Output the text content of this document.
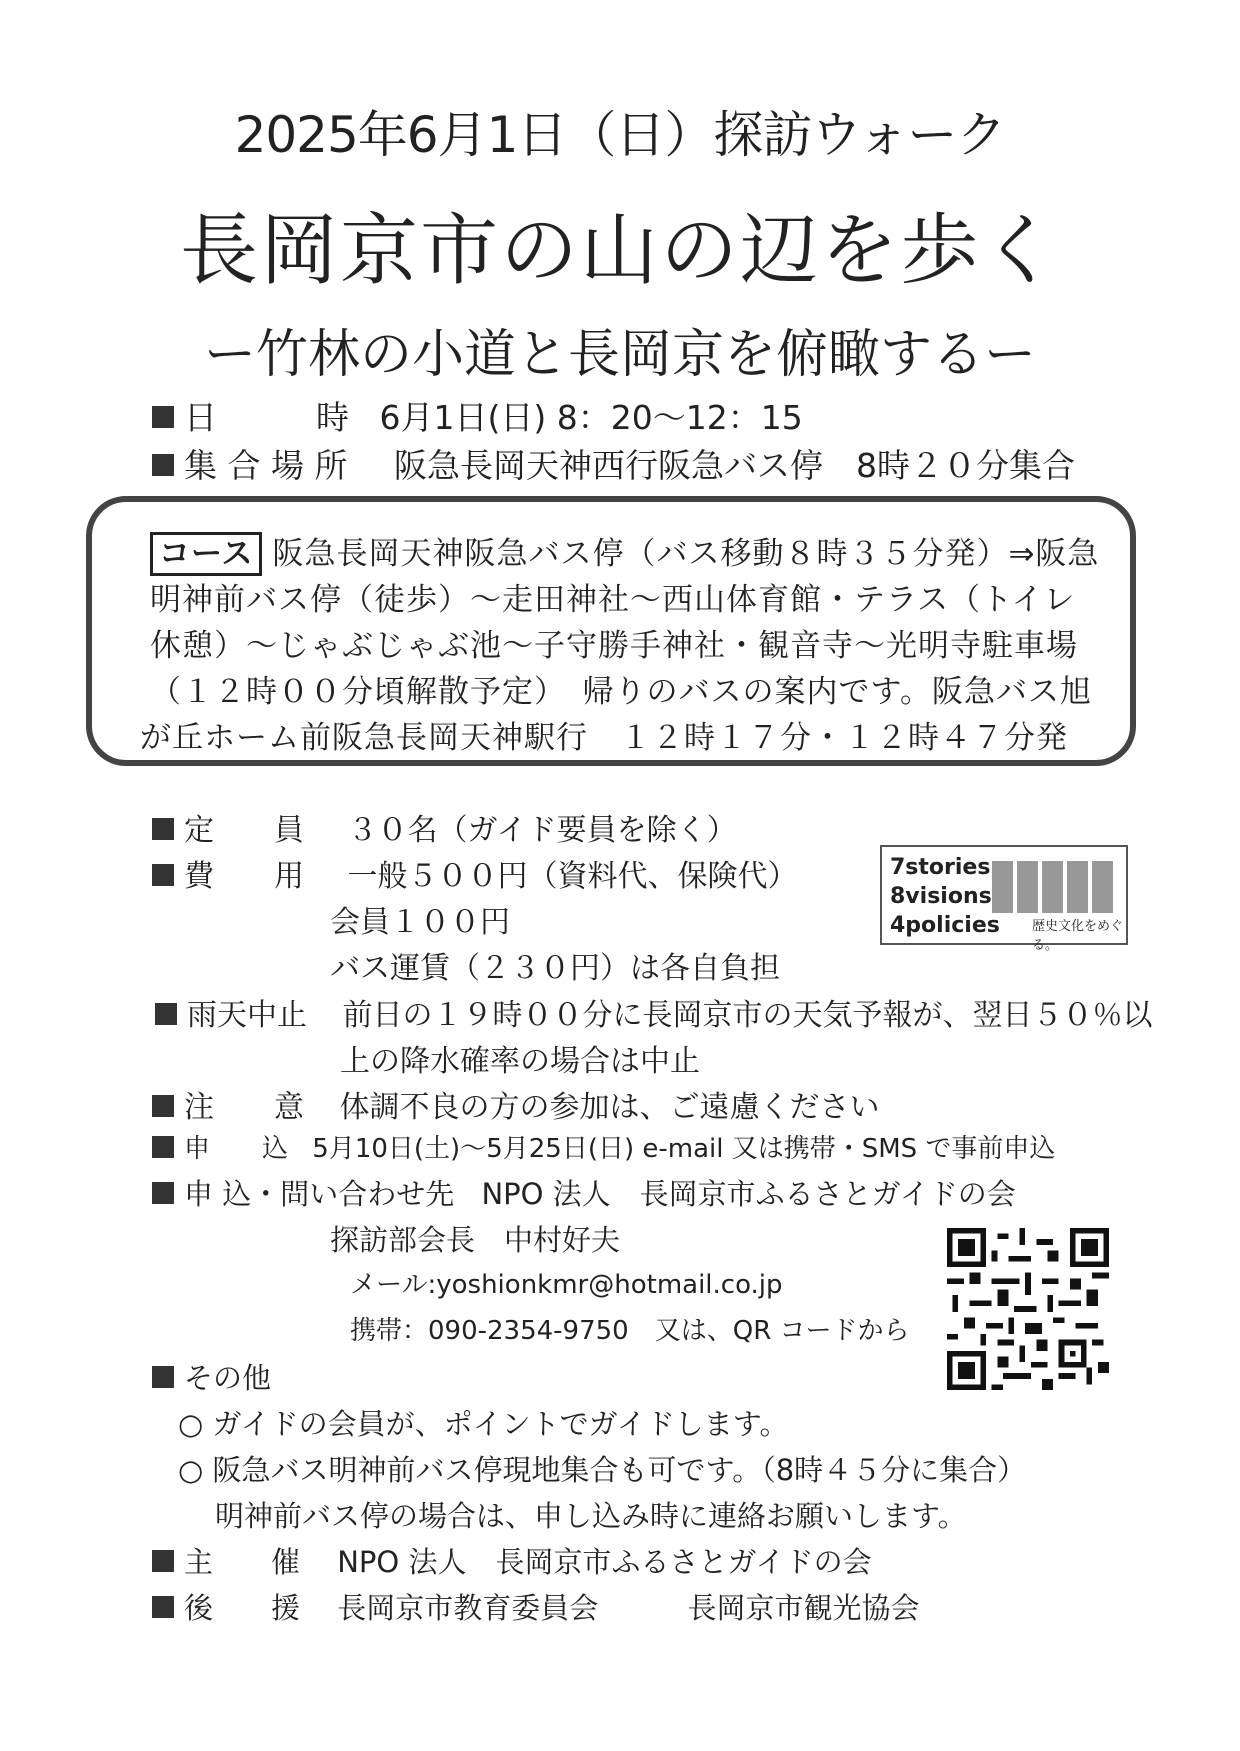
2025年6月1日（日）探訪ウォーク
長岡京市の山の辺を歩く
ー竹林の小道と長岡京を俯瞰するー
日　　　時 6月1日(日) 8：20～12：15
集 合 場 所 阪急長岡天神西行阪急バス停　8時２０分集合
コース 阪急長岡天神阪急バス停（バス移動８時３５分発）⇒阪急
明神前バス停（徒歩）～走田神社～西山体育館・テラス（トイレ
休憩）～じゃぶじゃぶ池～子守勝手神社・観音寺～光明寺駐車場
（１２時００分頃解散予定）　帰りのバスの案内です。阪急バス旭
が丘ホーム前阪急長岡天神駅行　１２時１７分・１２時４７分発
定　　員 ３０名（ガイド要員を除く）
費　　用 一般５００円（資料代、保険代）
会員１００円
バス運賃（２３０円）は各自負担
7stories
8visions
4policies 歴史文化をめぐる。
雨天中止 前日の１９時００分に長岡京市の天気予報が、翌日５０％以
上の降水確率の場合は中止
注　　意 体調不良の方の参加は、ご遠慮ください
申　　込 5月10日(土)～5月25日(日) e-mail 又は携帯・SMS で事前申込
申 込・問い合わせ先 NPO 法人　長岡京市ふるさとガイドの会
探訪部会長　中村好夫
メール:yoshionkmr@hotmail.co.jp
携帯：090-2354-9750　又は、QR コードから
その他
○ ガイドの会員が、ポイントでガイドします。
○ 阪急バス明神前バス停現地集合も可です。（8時４５分に集合）
明神前バス停の場合は、申し込み時に連絡お願いします。
主　　催 NPO 法人　長岡京市ふるさとガイドの会
後　　援 長岡京市教育委員会	長岡京市観光協会
